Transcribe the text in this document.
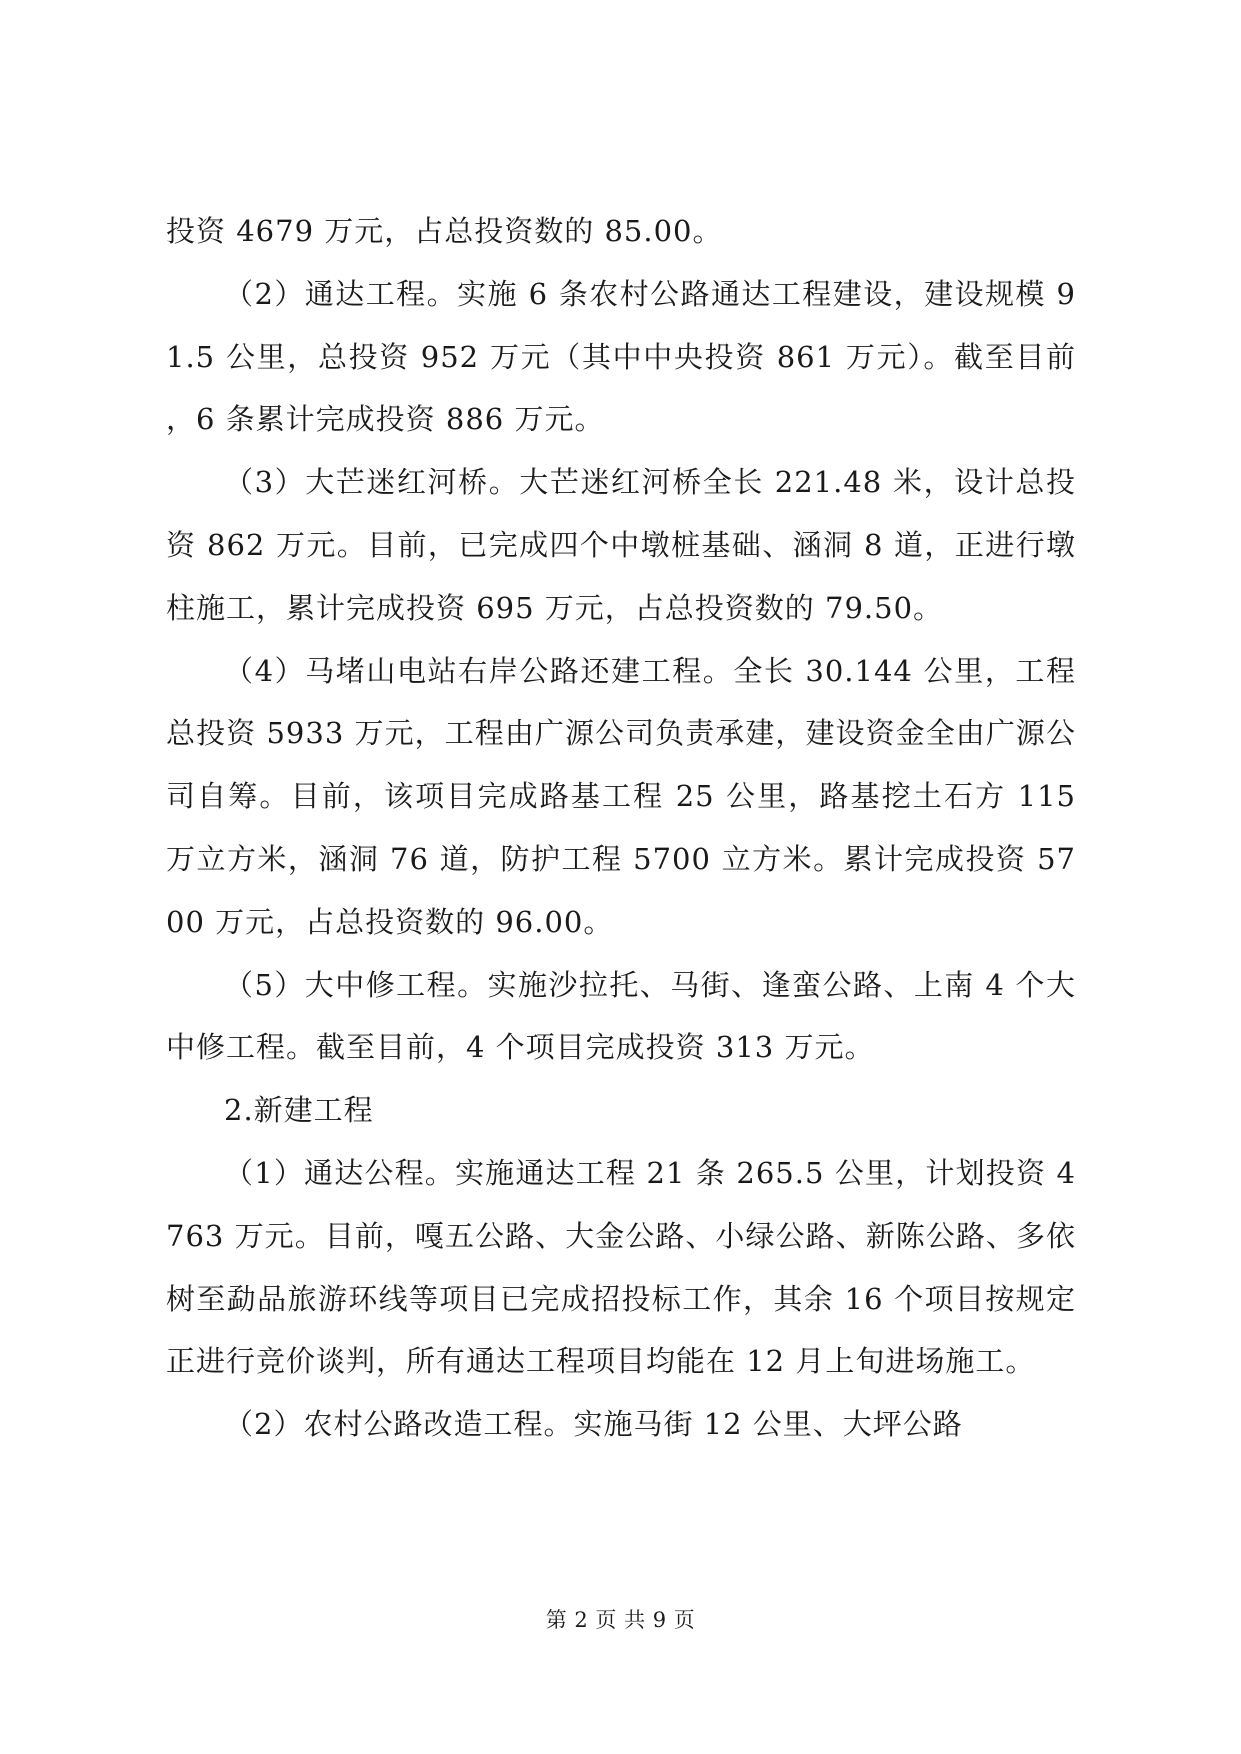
投资 4679 万元，占总投资数的 85.00。

（2）通达工程。实施 6 条农村公路通达工程建设，建设规模 91.5 公里，总投资 952 万元（其中中央投资 861 万元）。截至目前，6 条累计完成投资 886 万元。

（3）大芒迷红河桥。大芒迷红河桥全长 221.48 米，设计总投资 862 万元。目前，已完成四个中墩桩基础、涵洞 8 道，正进行墩柱施工，累计完成投资 695 万元，占总投资数的 79.50。

（4）马堵山电站右岸公路还建工程。全长 30.144 公里，工程总投资 5933 万元，工程由广源公司负责承建，建设资金全由广源公司自筹。目前，该项目完成路基工程 25 公里，路基挖土石方 115 万立方米，涵洞 76 道，防护工程 5700 立方米。累计完成投资 5700 万元，占总投资数的 96.00。

（5）大中修工程。实施沙拉托、马街、逢蛮公路、上南 4 个大中修工程。截至目前，4 个项目完成投资 313 万元。

2.新建工程

（1）通达公程。实施通达工程 21 条 265.5 公里，计划投资 4763 万元。目前，嘎五公路、大金公路、小绿公路、新陈公路、多依树至勐品旅游环线等项目已完成招投标工作，其余 16 个项目按规定正进行竞价谈判，所有通达工程项目均能在 12 月上旬进场施工。

（2）农村公路改造工程。实施马街 12 公里、大坪公路

第 2 页 共 9 页
